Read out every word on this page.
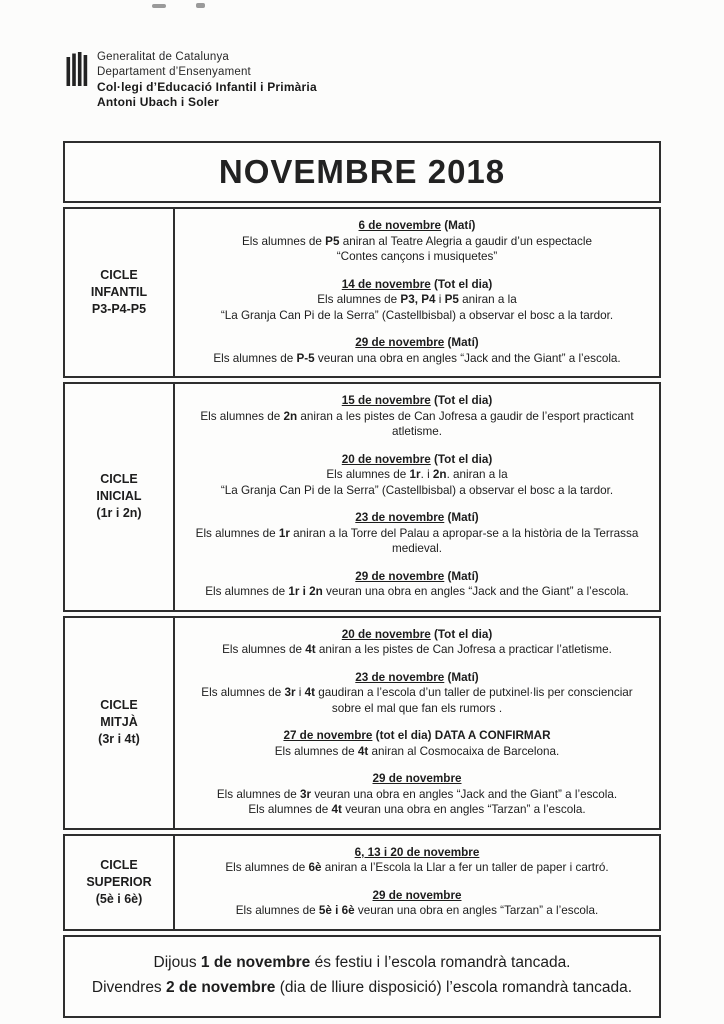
Generalitat de Catalunya
Departament d’Ensenyament
Col·legi d’Educació Infantil i Primària
Antoni Ubach i Soler
NOVEMBRE 2018
CICLE
INFANTIL
P3-P4-P5
6 de novembre (Matí)
Els alumnes de P5 aniran al Teatre Alegria a gaudir d’un espectacle
“Contes cançons i musiquetes”
14 de novembre (Tot el dia)
Els alumnes de P3, P4 i P5 aniran a la
“La Granja Can Pi de la Serra” (Castellbisbal) a observar el bosc a la tardor.
29 de novembre (Matí)
Els alumnes de P-5 veuran una obra en angles “Jack and the Giant” a l’escola.
CICLE
INICIAL
(1r i 2n)
15 de novembre (Tot el dia)
Els alumnes de 2n aniran a les pistes de Can Jofresa a gaudir de l’esport practicant
atletisme.
20 de novembre (Tot el dia)
Els alumnes de 1r. i 2n. aniran a la
“La Granja Can Pi de la Serra” (Castellbisbal) a observar el bosc a la tardor.
23 de novembre (Matí)
Els alumnes de 1r aniran a la Torre del Palau a apropar-se a la història de la Terrassa
medieval.
29 de novembre (Matí)
Els alumnes de 1r i 2n veuran una obra en angles “Jack and the Giant” a l’escola.
CICLE
MITJÀ
(3r i 4t)
20 de novembre (Tot el dia)
Els alumnes de 4t aniran a les pistes de Can Jofresa a practicar l’atletisme.
23 de novembre (Matí)
Els alumnes de 3r i 4t gaudiran a l’escola d’un taller de putxinel·lis per conscienciar
sobre el mal que fan els rumors .
27 de novembre (tot el dia) DATA A CONFIRMAR
Els alumnes de 4t aniran al Cosmocaixa de Barcelona.
29 de novembre
Els alumnes de 3r veuran una obra en angles “Jack and the Giant” a l’escola.
Els alumnes de 4t veuran una obra en angles “Tarzan” a l’escola.
CICLE
SUPERIOR
(5è i 6è)
6, 13 i 20 de novembre
Els alumnes de 6è aniran a l’Escola la Llar a fer un taller de paper i cartró.
29 de novembre
Els alumnes de 5è i 6è veuran una obra en angles “Tarzan” a l’escola.
Dijous 1 de novembre és festiu i l’escola romandrà tancada.
Divendres 2 de novembre (dia de lliure disposició) l’escola romandrà tancada.
